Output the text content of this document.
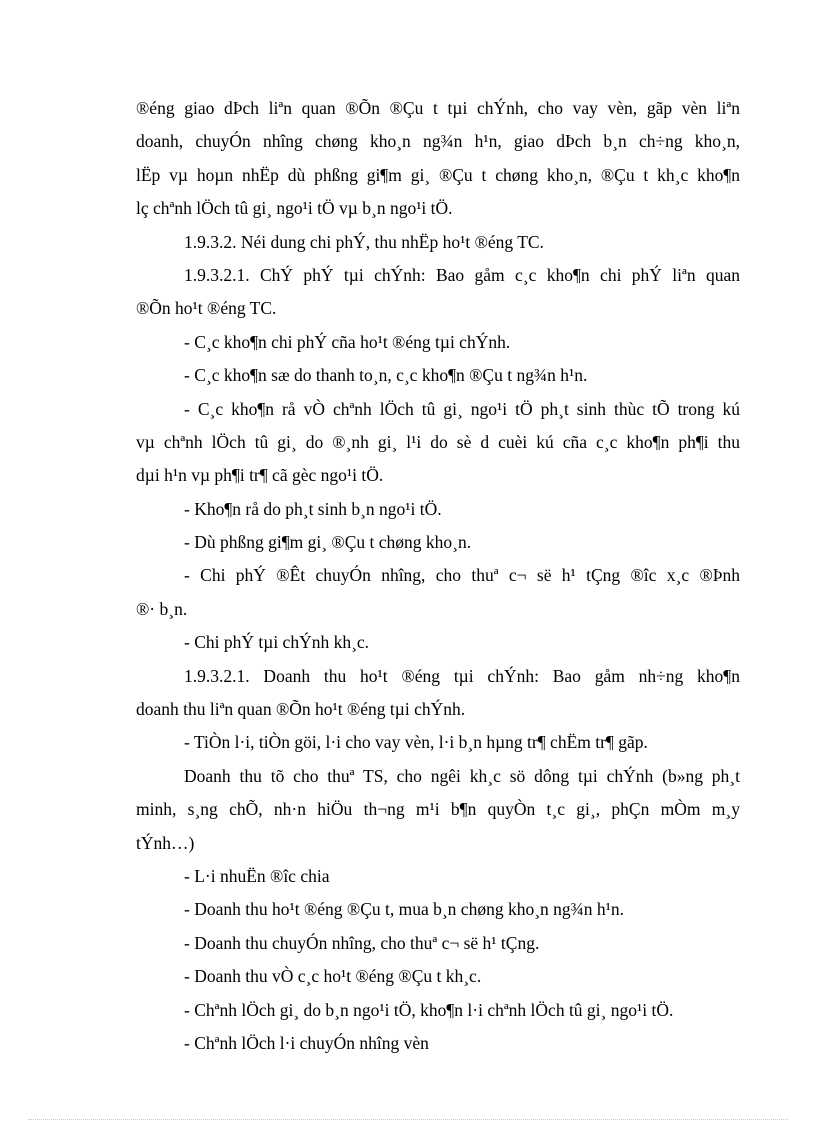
®éng giao dÞch liªn quan ®Õn ®Çu t tµi chÝnh, cho vay vèn, gãp vèn liªn
doanh, chuyÓn nhîng chøng kho¸n ng¾n h¹n, giao dÞch b¸n ch÷ng kho¸n,
lËp vµ hoµn nhËp dù phßng gi¶m gi¸ ®Çu t chøng kho¸n, ®Çu t kh¸c kho¶n
lç chªnh lÖch tû gi¸ ngo¹i tÖ vµ b¸n ngo¹i tÖ.
1.9.3.2. Néi dung chi phÝ, thu nhËp ho¹t ®éng TC.
1.9.3.2.1. ChÝ phÝ tµi chÝnh: Bao gåm c¸c kho¶n chi phÝ liªn quan
®Õn ho¹t ®éng TC.
- C¸c kho¶n chi phÝ cña ho¹t ®éng tµi chÝnh.
- C¸c kho¶n sæ do thanh to¸n, c¸c kho¶n ®Çu t ng¾n h¹n.
- C¸c kho¶n rå vÒ chªnh lÖch tû gi¸ ngo¹i tÖ ph¸t sinh thùc tÕ trong kú
vµ chªnh lÖch tû gi¸ do ®¸nh gi¸ l¹i do sè d cuèi kú cña c¸c kho¶n ph¶i thu
dµi h¹n vµ ph¶i tr¶ cã gèc ngo¹i tÖ.
- Kho¶n rå do ph¸t sinh b¸n ngo¹i tÖ.
- Dù phßng gi¶m gi¸ ®Çu t chøng kho¸n.
- Chi phÝ ®Êt chuyÓn nhîng, cho thuª c¬ së h¹ tÇng ®îc x¸c ®Þnh
®· b¸n.
- Chi phÝ tµi chÝnh kh¸c.
1.9.3.2.1. Doanh thu ho¹t ®éng tµi chÝnh: Bao gåm nh÷ng kho¶n
doanh thu liªn quan ®Õn ho¹t ®éng tµi chÝnh.
- TiÒn l·i, tiÒn göi, l·i cho vay vèn, l·i b¸n hµng tr¶ chËm tr¶ gãp.
Doanh thu tõ cho thuª TS, cho ngêi kh¸c sö dông tµi chÝnh (b»ng ph¸t
minh, s¸ng chÕ, nh·n hiÖu th¬ng m¹i b¶n quyÒn t¸c gi¸, phÇn mÒm m¸y
tÝnh…)
- L·i nhuËn ®îc chia
- Doanh thu ho¹t ®éng ®Çu t, mua b¸n chøng kho¸n ng¾n h¹n.
- Doanh thu chuyÓn nhîng, cho thuª c¬ së h¹ tÇng.
- Doanh thu vÒ c¸c ho¹t ®éng ®Çu t kh¸c.
- Chªnh lÖch gi¸ do b¸n ngo¹i tÖ, kho¶n l·i chªnh lÖch tû gi¸ ngo¹i tÖ.
- Chªnh lÖch l·i chuyÓn nhîng vèn
